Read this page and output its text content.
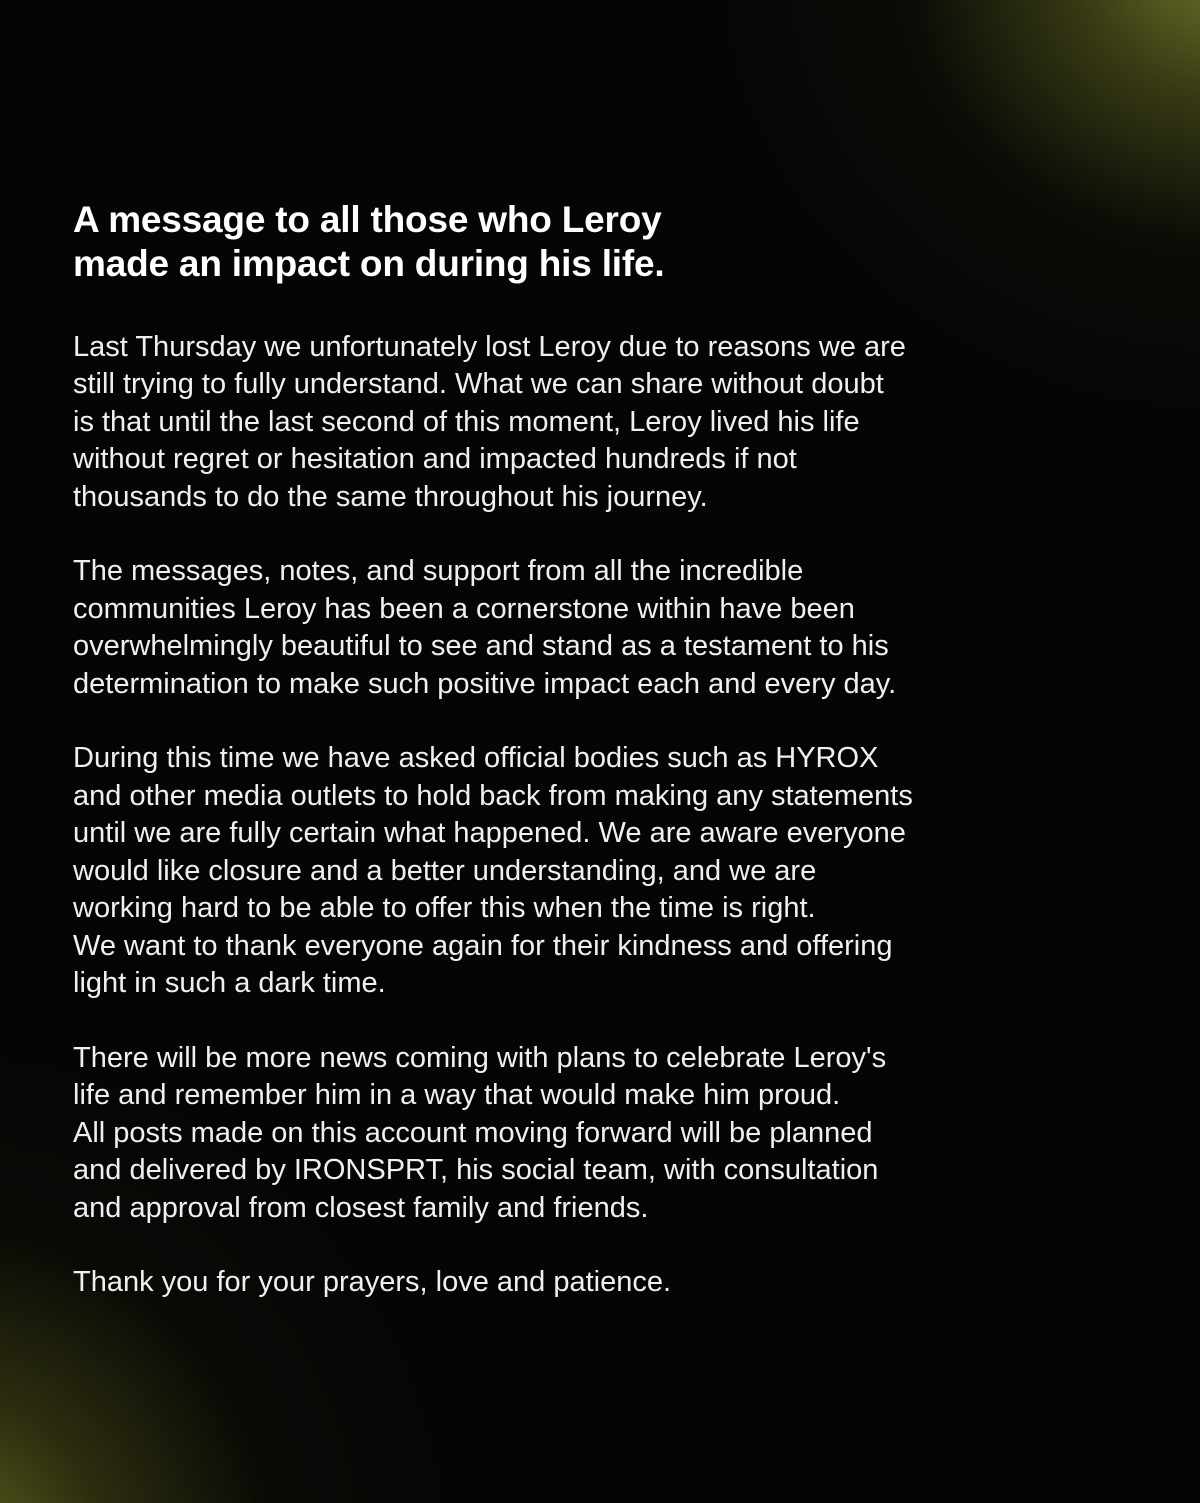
A message to all those who Leroy
made an impact on during his life.

Last Thursday we unfortunately lost Leroy due to reasons we are
still trying to fully understand. What we can share without doubt
is that until the last second of this moment, Leroy lived his life
without regret or hesitation and impacted hundreds if not
thousands to do the same throughout his journey.

The messages, notes, and support from all the incredible
communities Leroy has been a cornerstone within have been
overwhelmingly beautiful to see and stand as a testament to his
determination to make such positive impact each and every day.

During this time we have asked official bodies such as HYROX
and other media outlets to hold back from making any statements
until we are fully certain what happened. We are aware everyone
would like closure and a better understanding, and we are
working hard to be able to offer this when the time is right.
We want to thank everyone again for their kindness and offering
light in such a dark time.

There will be more news coming with plans to celebrate Leroy's
life and remember him in a way that would make him proud.
All posts made on this account moving forward will be planned
and delivered by IRONSPRT, his social team, with consultation
and approval from closest family and friends.

Thank you for your prayers, love and patience.
